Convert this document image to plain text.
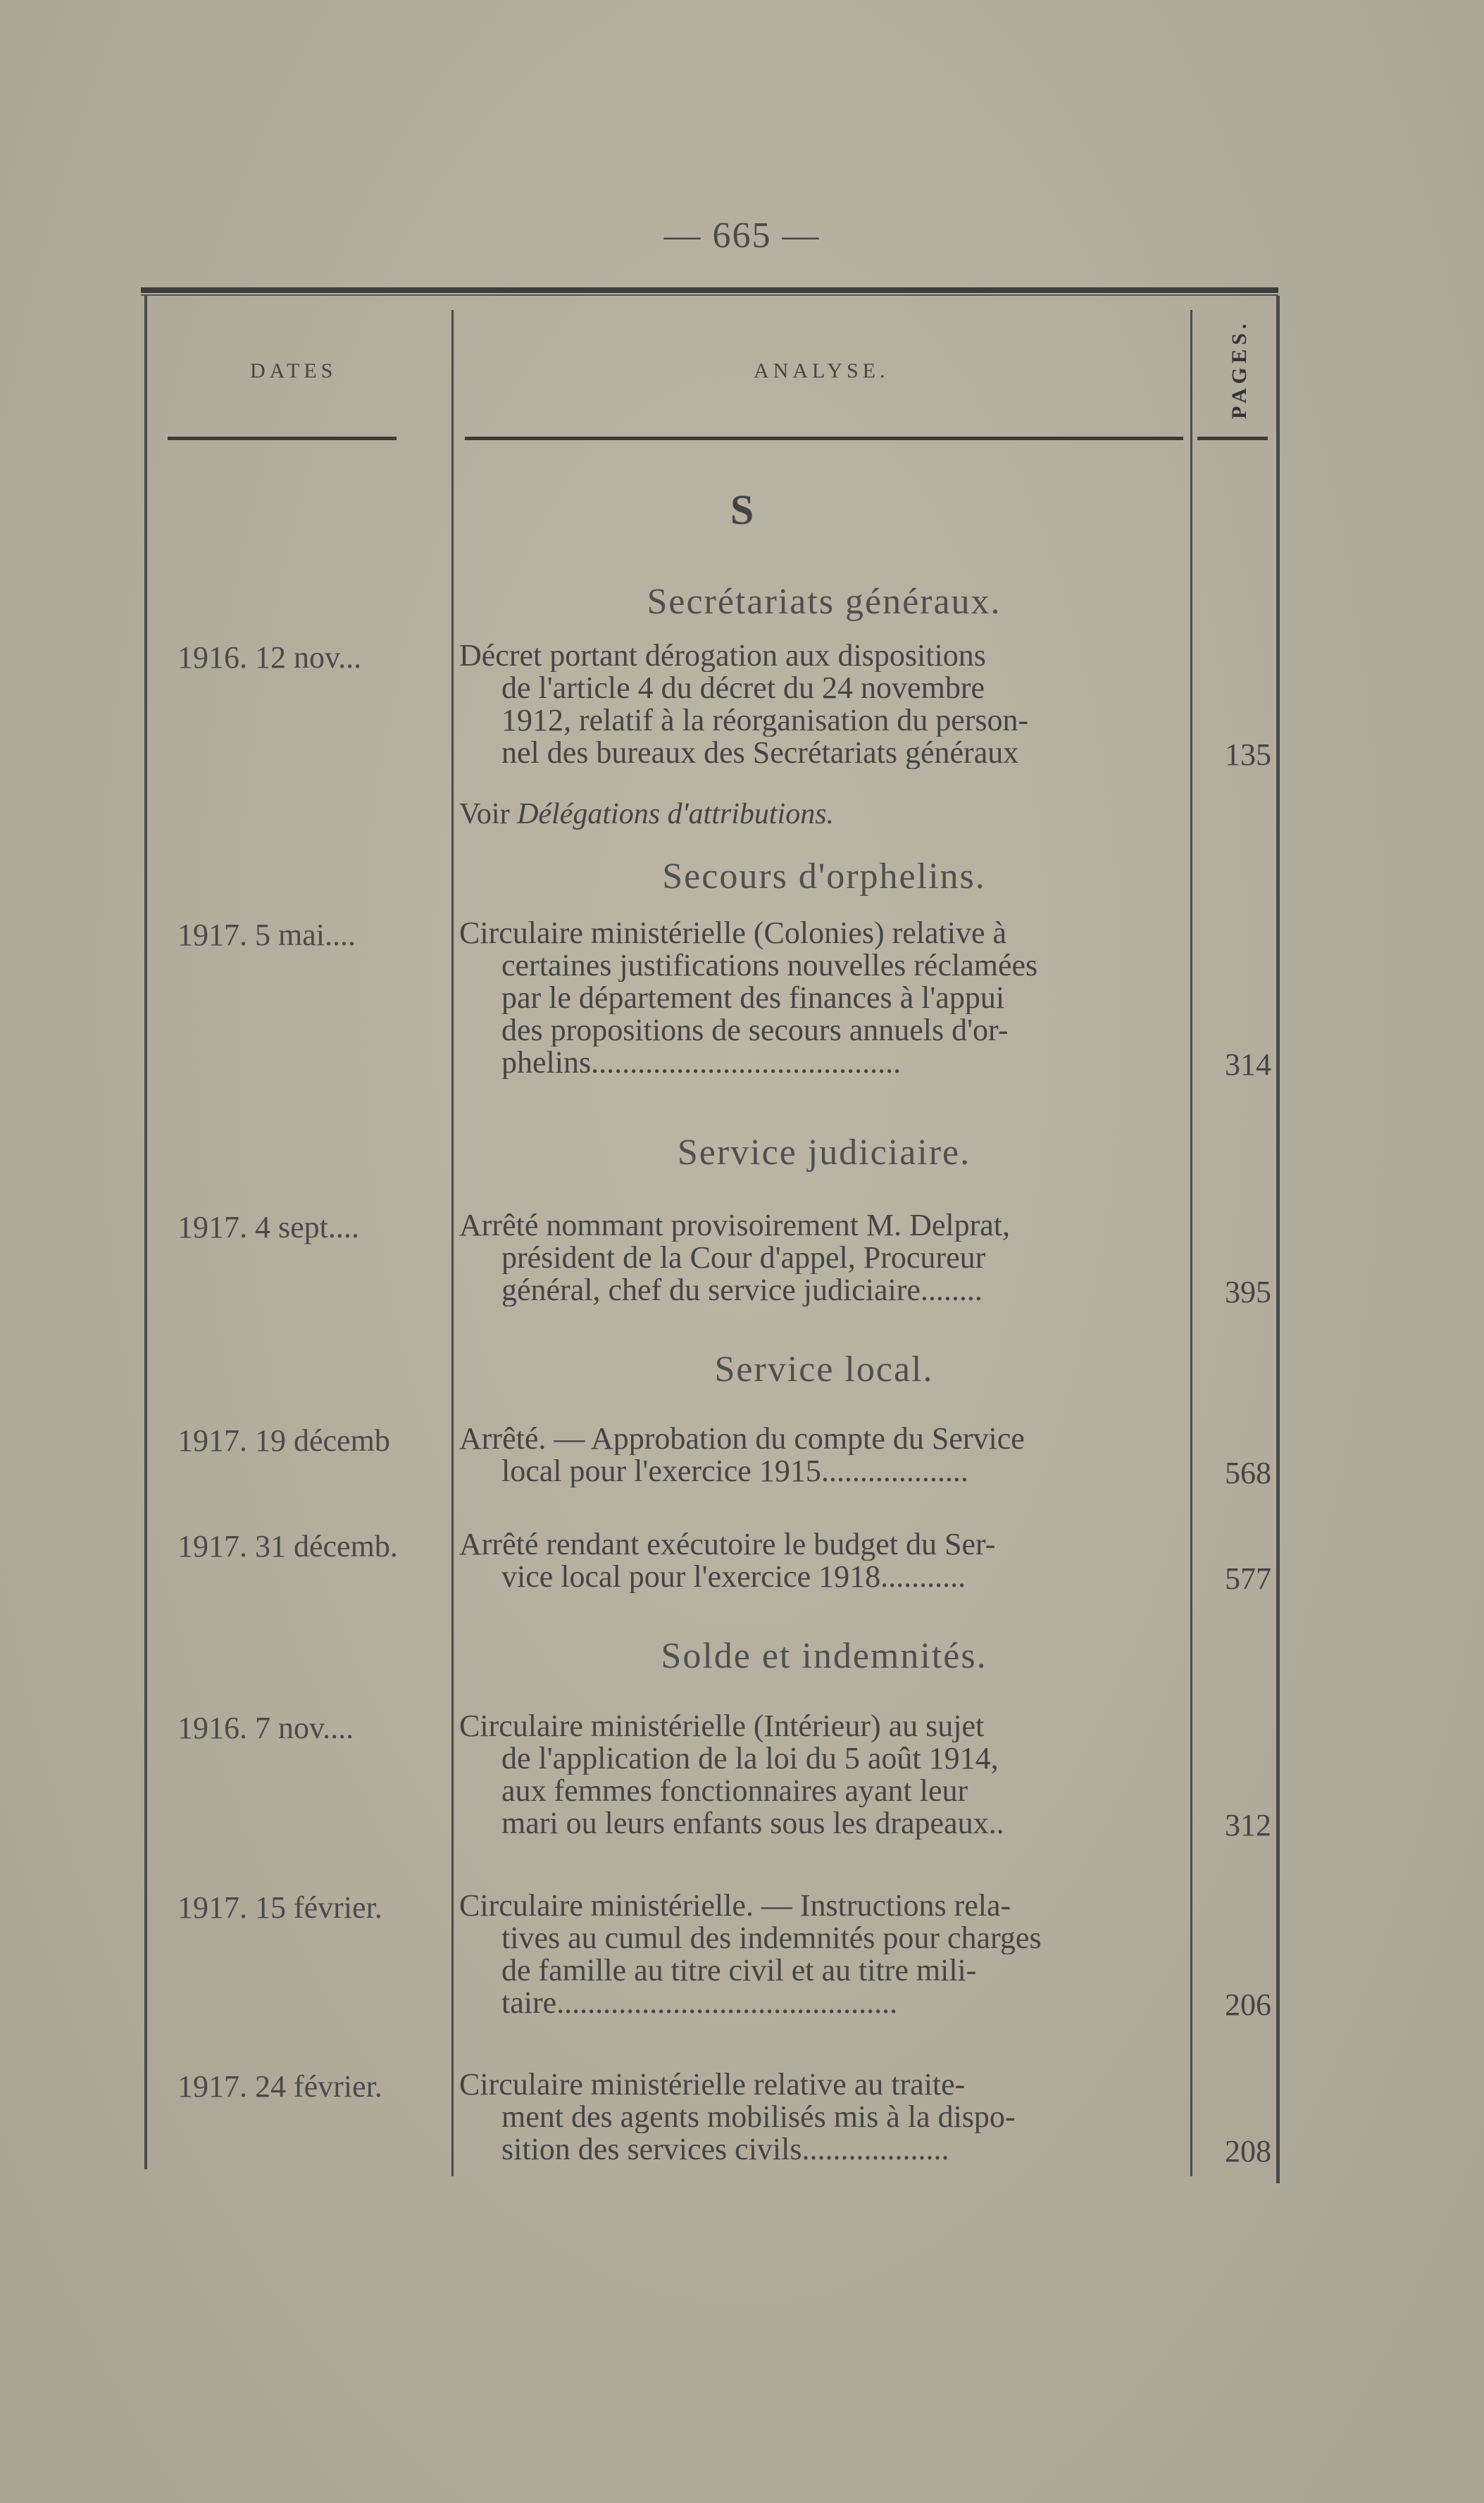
— 665 —
DATES	ANALYSE.	PAGES.
S
Secrétariats généraux.
Secours d'orphelins.
Service judiciaire.
Service local.
Solde et indemnités.
1916. 12 nov...	Décret portant dérogation aux dispositions
de l'article 4 du décret du 24 novembre
1912, relatif à la réorganisation du person-
nel des bureaux des Secrétariats généraux	135
Voir Délégations d'attributions.
1917. 5 mai....	Circulaire ministérielle (Colonies) relative à
certaines justifications nouvelles réclamées
par le département des finances à l'appui
des propositions de secours annuels d'or-
phelins........................................	314
1917. 4 sept....	Arrêté nommant provisoirement M. Delprat,
président de la Cour d'appel, Procureur
général, chef du service judiciaire........	395
1917. 19 décemb	Arrêté. — Approbation du compte du Service
local pour l'exercice 1915...................	568
1917. 31 décemb.	Arrêté rendant exécutoire le budget du Ser-
vice local pour l'exercice 1918...........	577
1916. 7 nov....	Circulaire ministérielle (Intérieur) au sujet
de l'application de la loi du 5 août 1914,
aux femmes fonctionnaires ayant leur
mari ou leurs enfants sous les drapeaux..	312
1917. 15 février.	Circulaire ministérielle. — Instructions rela-
tives au cumul des indemnités pour charges
de famille au titre civil et au titre mili-
taire............................................	206
1917. 24 février.	Circulaire ministérielle relative au traite-
ment des agents mobilisés mis à la dispo-
sition des services civils...................	208
